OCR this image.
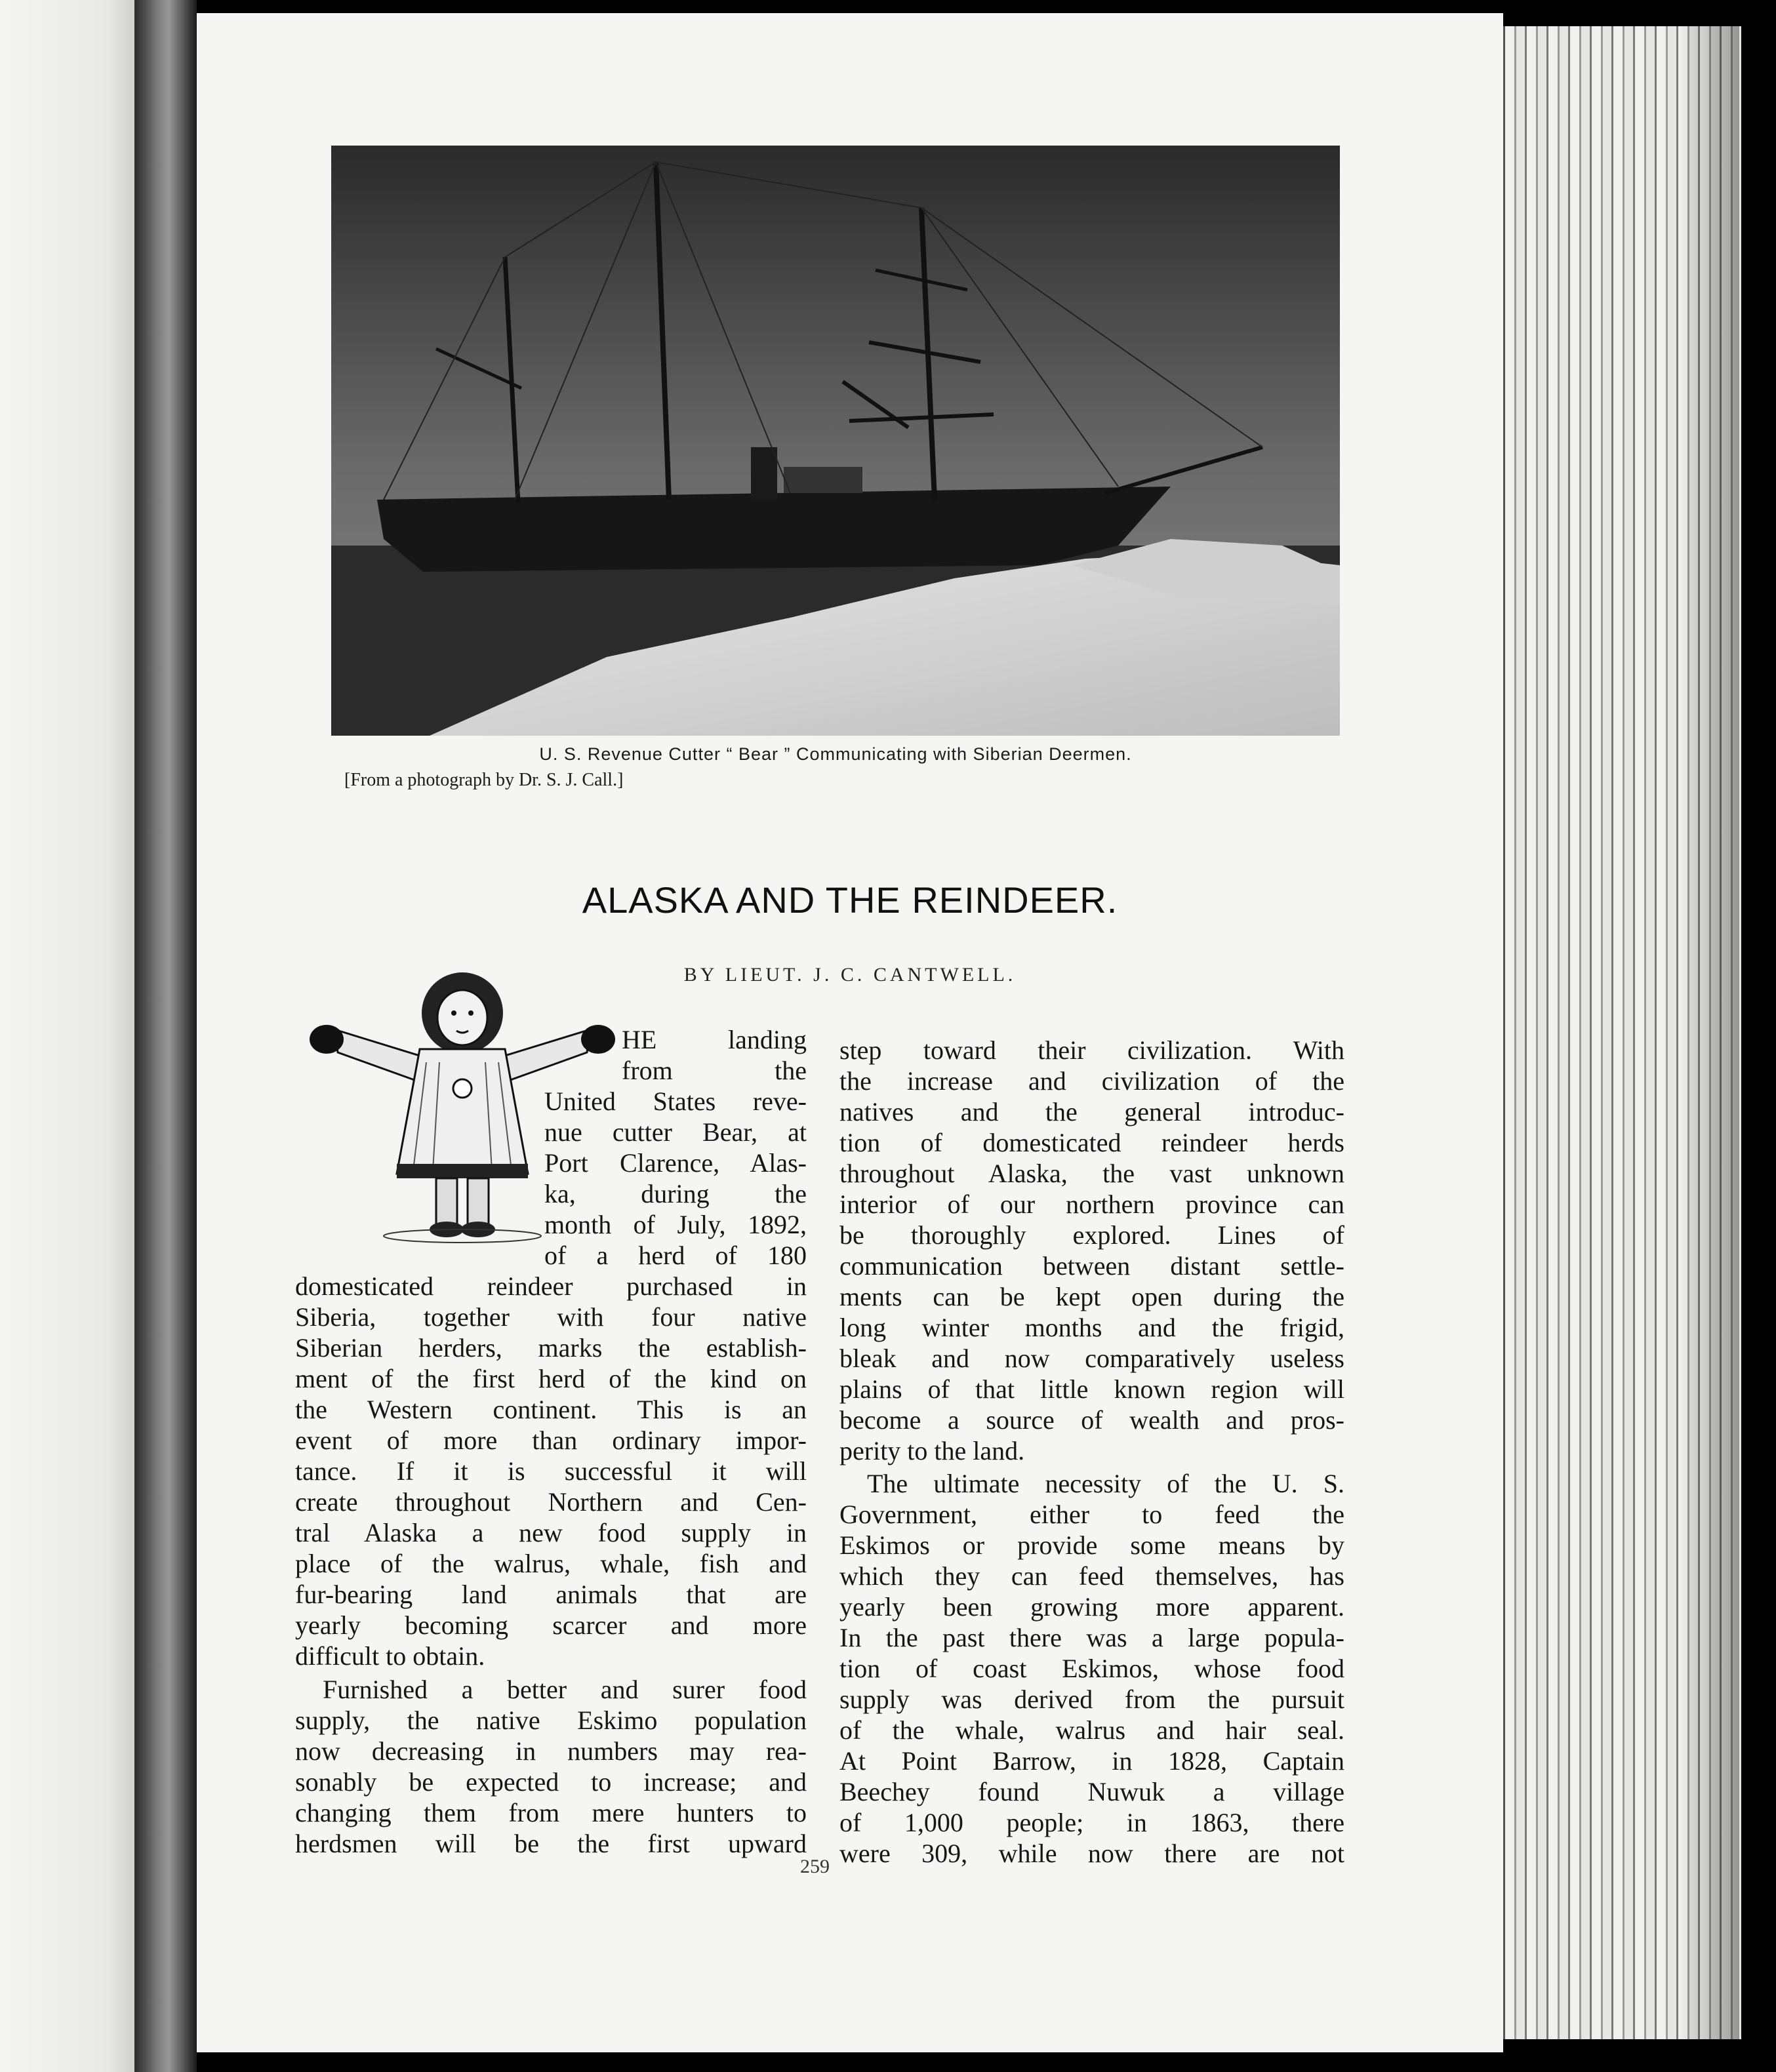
U. S. Revenue Cutter “ Bear ” Communicating with Siberian Deermen.
[From a photograph by Dr. S. J. Call.]
ALASKA AND THE REINDEER.
BY LIEUT. J. C. CANTWELL.
HE landing
from the
United States reve-
nue cutter Bear, at
Port Clarence, Alas-
ka, during the
month of July, 1892,
of a herd of 180
domesticated reindeer purchased in
Siberia, together with four native
Siberian herders, marks the establish-
ment of the first herd of the kind on
the Western continent. This is an
event of more than ordinary impor-
tance. If it is successful it will
create throughout Northern and Cen-
tral Alaska a new food supply in
place of the walrus, whale, fish and
fur-bearing land animals that are
yearly becoming scarcer and more
difficult to obtain.
Furnished a better and surer food
supply, the native Eskimo population
now decreasing in numbers may rea-
sonably be expected to increase; and
changing them from mere hunters to
herdsmen will be the first upward
step toward their civilization. With
the increase and civilization of the
natives and the general introduc-
tion of domesticated reindeer herds
throughout Alaska, the vast unknown
interior of our northern province can
be thoroughly explored. Lines of
communication between distant settle-
ments can be kept open during the
long winter months and the frigid,
bleak and now comparatively useless
plains of that little known region will
become a source of wealth and pros-
perity to the land.
The ultimate necessity of the U. S.
Government, either to feed the
Eskimos or provide some means by
which they can feed themselves, has
yearly been growing more apparent.
In the past there was a large popula-
tion of coast Eskimos, whose food
supply was derived from the pursuit
of the whale, walrus and hair seal.
At Point Barrow, in 1828, Captain
Beechey found Nuwuk a village
of 1,000 people; in 1863, there
were 309, while now there are not
259
